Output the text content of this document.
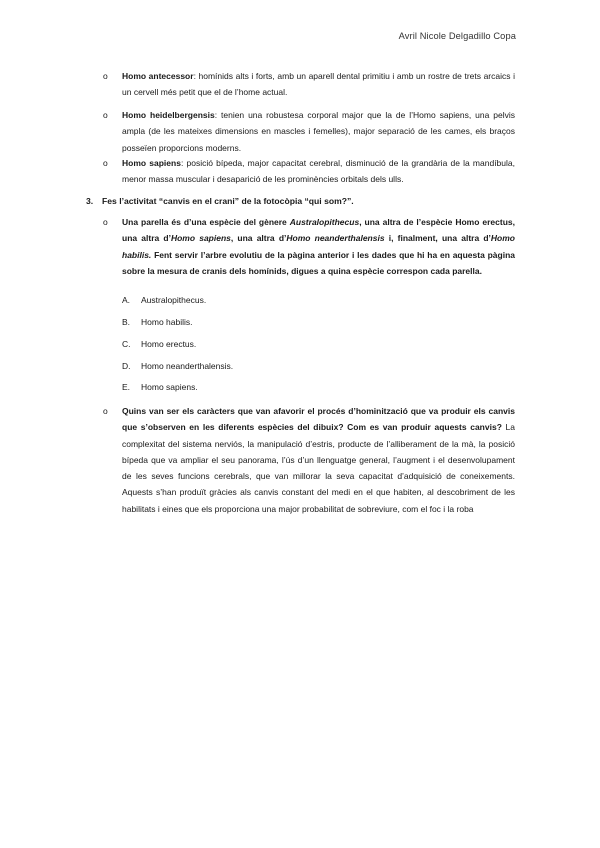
Avril Nicole Delgadillo Copa
o Homo antecessor: homínids alts i forts, amb un aparell dental primitiu i amb un rostre de trets arcaics i un cervell més petit que el de l’home actual.
o Homo heidelbergensis: tenien una robustesa corporal major que la de l’Homo sapiens, una pelvis ampla (de les mateixes dimensions en mascles i femelles), major separació de les cames, els braços posseïen proporcions moderns.
o Homo sapiens: posició bípeda, major capacitat cerebral, disminució de la grandària de la mandíbula, menor massa muscular i desaparició de les prominències orbitals dels ulls.
3. Fes l’activitat “canvis en el crani” de la fotocòpia “qui som?”.
o Una parella és d’una espècie del gènere Australopithecus, una altra de l’espècie Homo erectus, una altra d’Homo sapiens, una altra d’Homo neanderthalensis i, finalment, una altra d’Homo habilis. Fent servir l’arbre evolutiu de la pàgina anterior i les dades que hi ha en aquesta pàgina sobre la mesura de cranis dels homínids, digues a quina espècie correspon cada parella.
A. Australopithecus.
B. Homo habilis.
C. Homo erectus.
D. Homo neanderthalensis.
E. Homo sapiens.
o Quins van ser els caràcters que van afavorir el procés d’hominització que va produir els canvis que s’observen en les diferents espècies del dibuix? Com es van produir aquests canvis? La complexitat del sistema nerviós, la manipulació d’estris, producte de l’alliberament de la mà, la posició bípeda que va ampliar el seu panorama, l’ús d’un llenguatge general, l’augment i el desenvolupament de les seves funcions cerebrals, que van millorar la seva capacitat d’adquisició de coneixements. Aquests s’han produït gràcies als canvis constant del medi en el que habiten, al descobriment de les habilitats i eines que els proporciona una major probabilitat de sobreviure, com el foc i la roba
